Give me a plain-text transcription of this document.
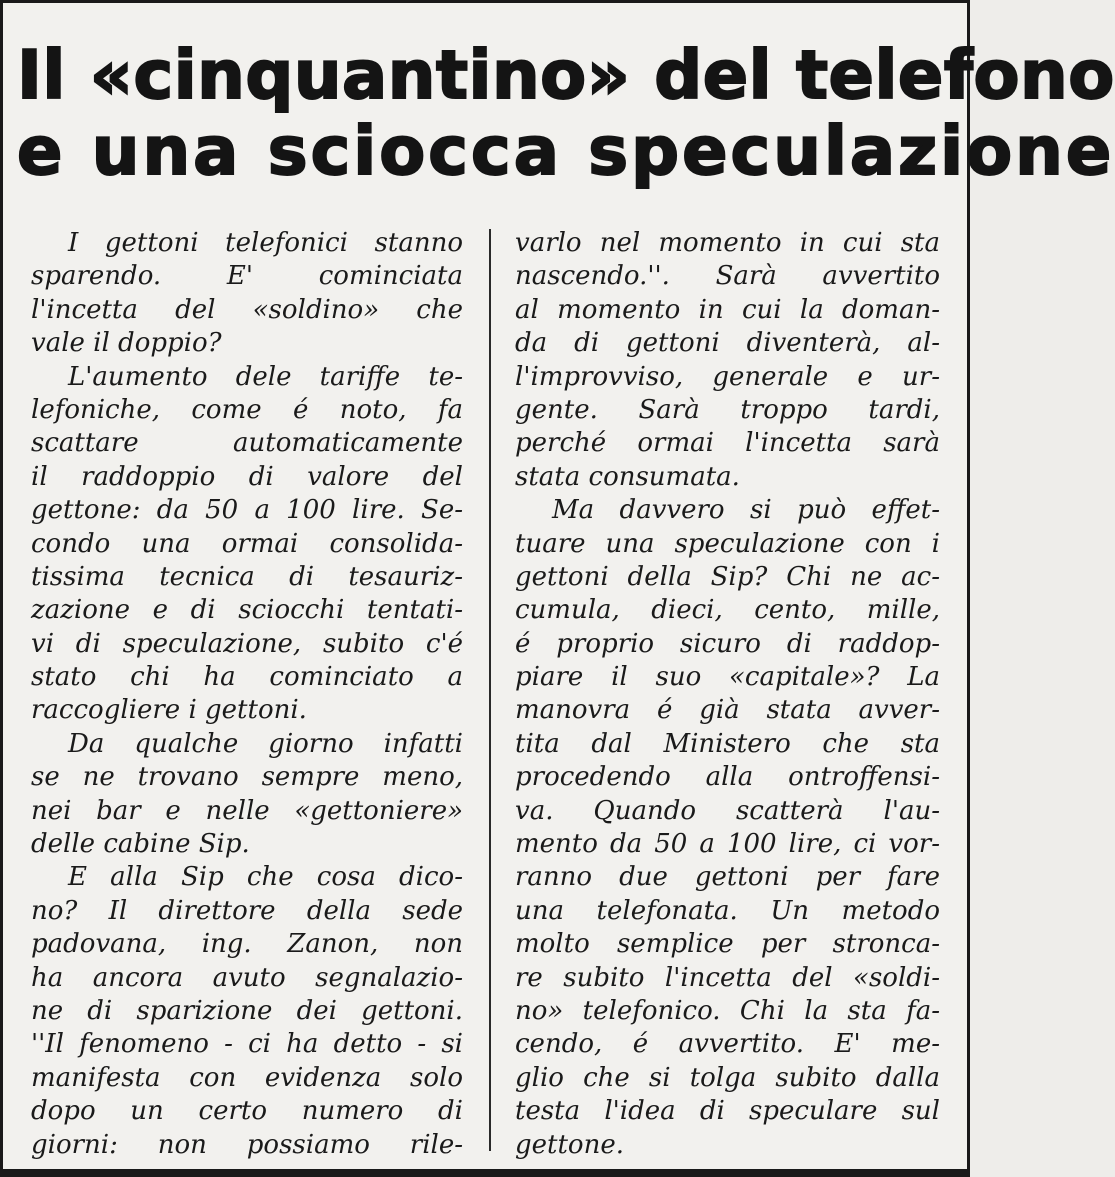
Il «cinquantino» del telefono
e una sciocca speculazione
I gettoni telefonici stanno
sparendo. E' cominciata
l'incetta del «soldino» che
vale il doppio?
L'aumento dele tariffe te-
lefoniche, come é noto, fa
scattare automaticamente
il raddoppio di valore del
gettone: da 50 a 100 lire. Se-
condo una ormai consolida-
tissima tecnica di tesauriz-
zazione e di sciocchi tentati-
vi di speculazione, subito c'é
stato chi ha cominciato a
raccogliere i gettoni.
Da qualche giorno infatti
se ne trovano sempre meno,
nei bar e nelle «gettoniere»
delle cabine Sip.
E alla Sip che cosa dico-
no? Il direttore della sede
padovana, ing. Zanon, non
ha ancora avuto segnalazio-
ne di sparizione dei gettoni.
''Il fenomeno - ci ha detto - si
manifesta con evidenza solo
dopo un certo numero di
giorni: non possiamo rile-
varlo nel momento in cui sta
nascendo.''. Sarà avvertito
al momento in cui la doman-
da di gettoni diventerà, al-
l'improvviso, generale e ur-
gente. Sarà troppo tardi,
perché ormai l'incetta sarà
stata consumata.
Ma davvero si può effet-
tuare una speculazione con i
gettoni della Sip? Chi ne ac-
cumula, dieci, cento, mille,
é proprio sicuro di raddop-
piare il suo «capitale»? La
manovra é già stata avver-
tita dal Ministero che sta
procedendo alla ontroffensi-
va. Quando scatterà l'au-
mento da 50 a 100 lire, ci vor-
ranno due gettoni per fare
una telefonata. Un metodo
molto semplice per stronca-
re subito l'incetta del «soldi-
no» telefonico. Chi la sta fa-
cendo, é avvertito. E' me-
glio che si tolga subito dalla
testa l'idea di speculare sul
gettone.
